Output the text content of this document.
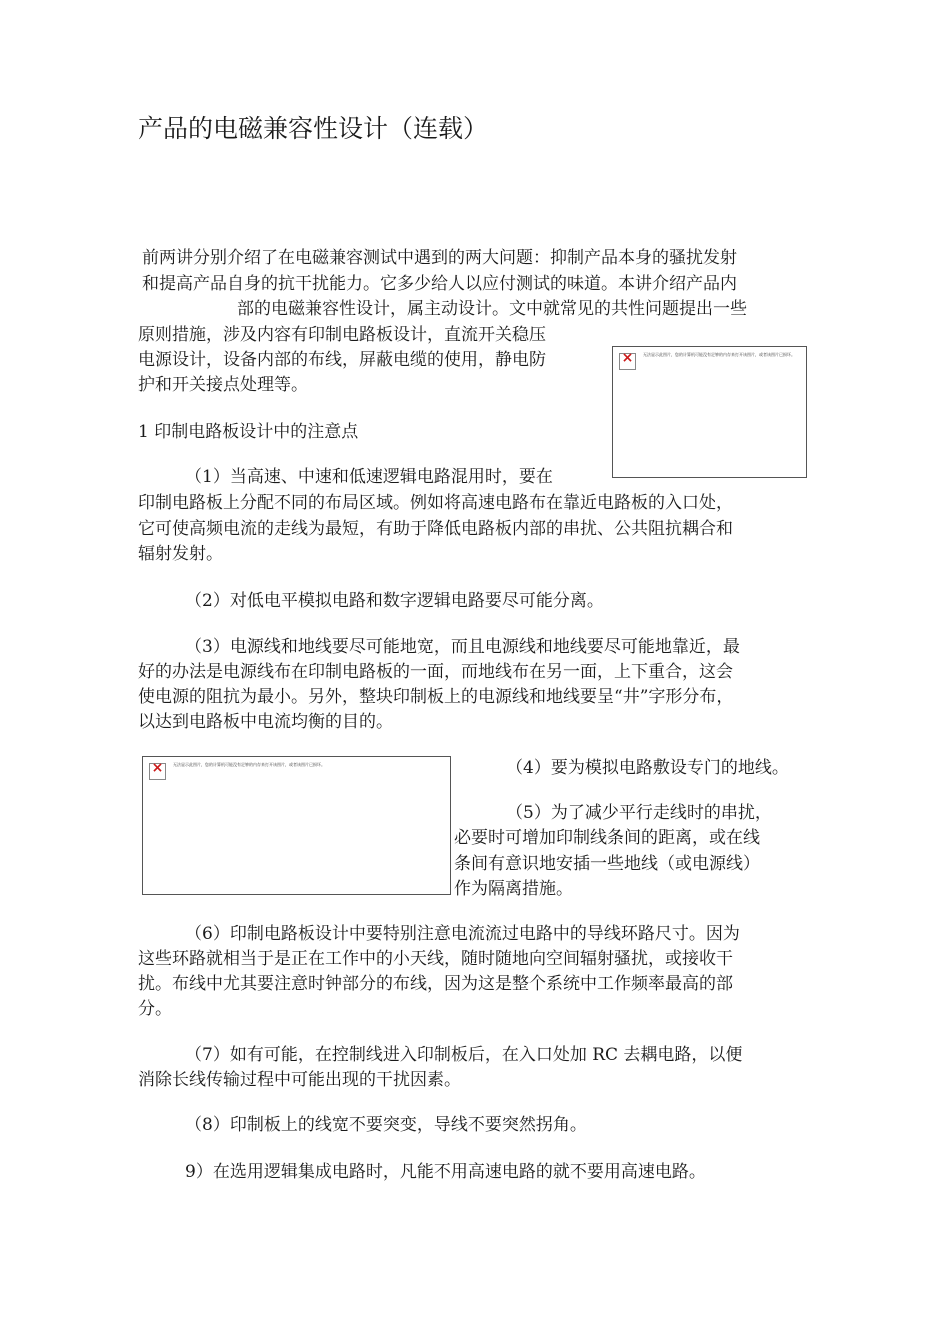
产品的电磁兼容性设计（连载）
前两讲分别介绍了在电磁兼容测试中遇到的两大问题：抑制产品本身的骚扰发射
和提高产品自身的抗干扰能力。它多少给人以应付测试的味道。本讲介绍产品内
部的电磁兼容性设计，属主动设计。文中就常见的共性问题提出一些
原则措施，涉及内容有印制电路板设计，直流开关稳压
电源设计，设备内部的布线，屏蔽电缆的使用，静电防
护和开关接点处理等。
×
无法显示此图片，您的计算机可能没有足够的内存来打开该图片，或者该图片已损坏。
1 印制电路板设计中的注意点
（1）当高速、中速和低速逻辑电路混用时，要在
印制电路板上分配不同的布局区域。例如将高速电路布在靠近电路板的入口处，
它可使高频电流的走线为最短，有助于降低电路板内部的串扰、公共阻抗耦合和
辐射发射。
（2）对低电平模拟电路和数字逻辑电路要尽可能分离。
（3）电源线和地线要尽可能地宽，而且电源线和地线要尽可能地靠近，最
好的办法是电源线布在印制电路板的一面，而地线布在另一面，上下重合，这会
使电源的阻抗为最小。另外，整块印制板上的电源线和地线要呈“井”字形分布，
以达到电路板中电流均衡的目的。
×
无法显示此图片，您的计算机可能没有足够的内存来打开该图片，或者该图片已损坏。	（4）要为模拟电路敷设专门的地线。
（5）为了减少平行走线时的串扰，
必要时可增加印制线条间的距离，或在线
条间有意识地安插一些地线（或电源线）
作为隔离措施。
（6）印制电路板设计中要特别注意电流流过电路中的导线环路尺寸。因为
这些环路就相当于是正在工作中的小天线，随时随地向空间辐射骚扰，或接收干
扰。布线中尤其要注意时钟部分的布线，因为这是整个系统中工作频率最高的部
分。
（7）如有可能，在控制线进入印制板后，在入口处加 RC 去耦电路，以便
消除长线传输过程中可能出现的干扰因素。
（8）印制板上的线宽不要突变，导线不要突然拐角。
9）在选用逻辑集成电路时，凡能不用高速电路的就不要用高速电路。
